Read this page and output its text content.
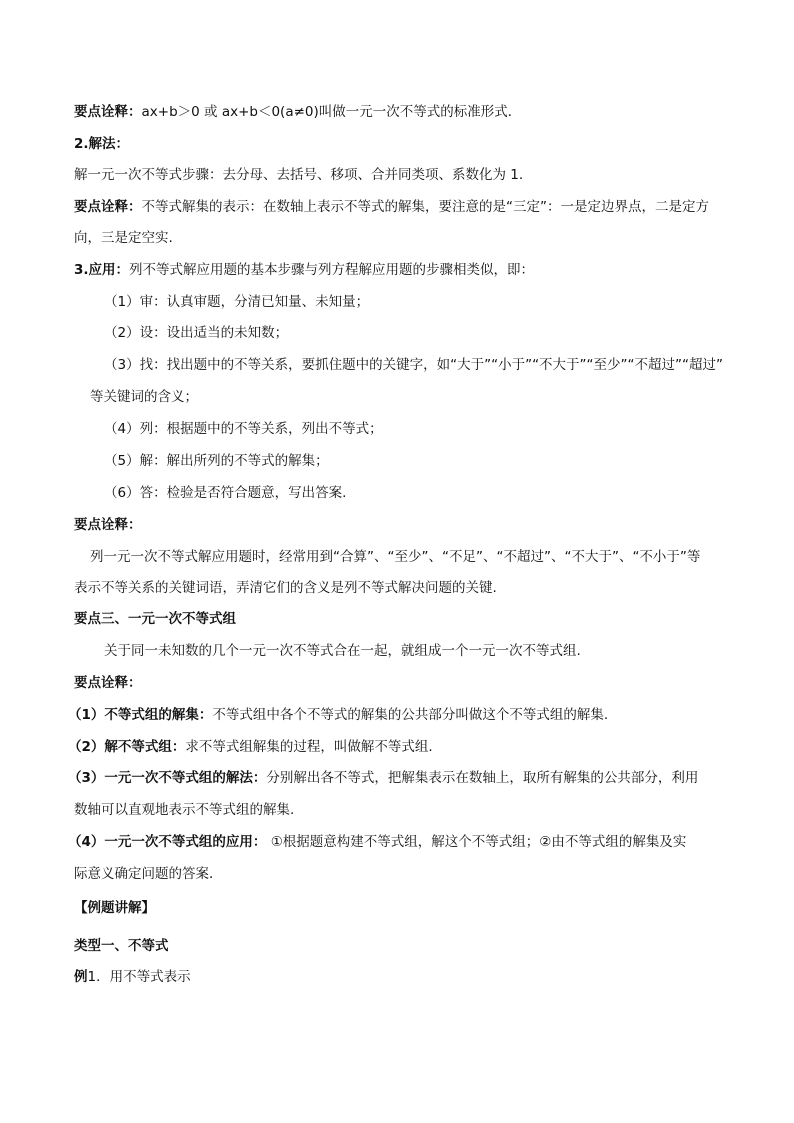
要点诠释：ax+b＞0 或 ax+b＜0(a≠0)叫做一元一次不等式的标准形式．
2.解法：
解一元一次不等式步骤：去分母、去括号、移项、合并同类项、系数化为 1.
要点诠释：不等式解集的表示：在数轴上表示不等式的解集，要注意的是“三定”：一是定边界点，二是定方
向，三是定空实.
3.应用：列不等式解应用题的基本步骤与列方程解应用题的步骤相类似，即：
（1）审：认真审题，分清已知量、未知量；
（2）设：设出适当的未知数；
（3）找：找出题中的不等关系，要抓住题中的关键字，如“大于”“小于”“不大于”“至少”“不超过”“超过”
等关键词的含义；
（4）列：根据题中的不等关系，列出不等式；
（5）解：解出所列的不等式的解集；
（6）答：检验是否符合题意，写出答案.
要点诠释：
列一元一次不等式解应用题时，经常用到“合算”、“至少”、“不足”、“不超过”、“不大于”、“不小于”等
表示不等关系的关键词语，弄清它们的含义是列不等式解决问题的关键.
要点三、一元一次不等式组
关于同一未知数的几个一元一次不等式合在一起，就组成一个一元一次不等式组.
要点诠释：
（1）不等式组的解集：不等式组中各个不等式的解集的公共部分叫做这个不等式组的解集.
（2）解不等式组：求不等式组解集的过程，叫做解不等式组.
（3）一元一次不等式组的解法：分别解出各不等式，把解集表示在数轴上，取所有解集的公共部分，利用
数轴可以直观地表示不等式组的解集.
（4）一元一次不等式组的应用： ①根据题意构建不等式组，解这个不等式组；②由不等式组的解集及实
际意义确定问题的答案．
【例题讲解】
类型一、不等式
例1．用不等式表示
